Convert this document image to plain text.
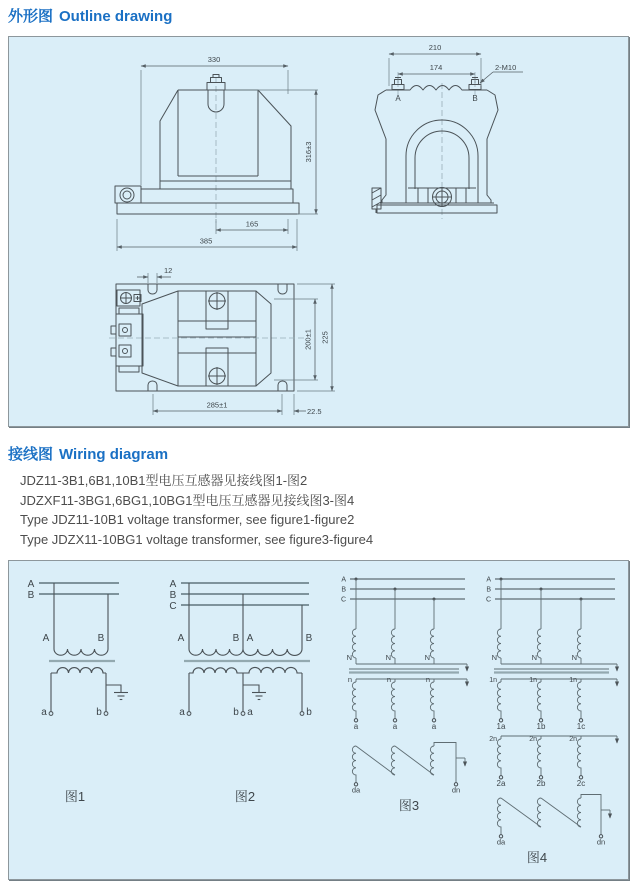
外形图 Outline drawing
330
316±3
165
385
A	B
210
174	2-M10
12
200±1 225
285±1
22.5
接线图 Wiring diagram
JDZ11-3B1,6B1,10B1型电压互感器见接线图1-图2
JDZXF11-3BG1,6BG1,10BG1型电压互感器见接线图3-图4
Type JDZ11-10B1 voltage transformer, see figure1-figure2
Type JDZX11-10BG1 voltage transformer, see figure3-figure4
A
B
A	B
a	b
图1
A
B
C
A	B A	B
a	b a	b
图2
A
B
C
N	N	N
n	n	n
a	a	a
da	dn
图3
A
B
C
N	N	N
1n	1n	1n
1a	1b	1c
2n	2n	2n
2a	2b	2c
da	dn
图4
